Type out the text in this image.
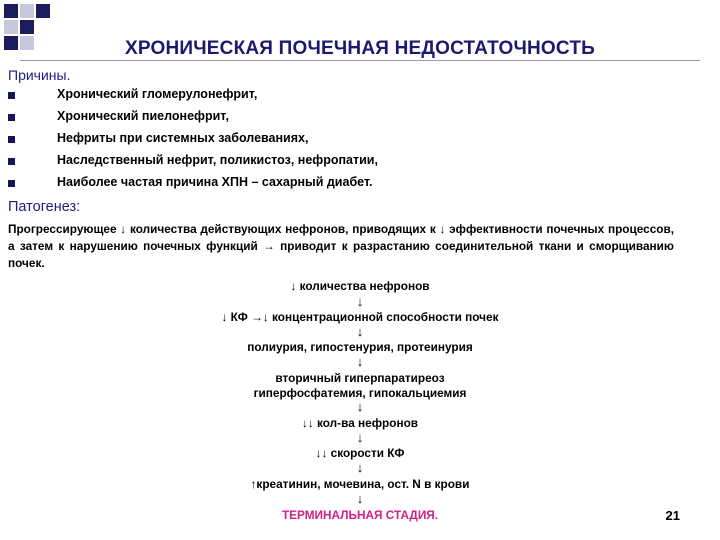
ХРОНИЧЕСКАЯ ПОЧЕЧНАЯ НЕДОСТАТОЧНОСТЬ
Причины.
Хронический гломерулонефрит,
Хронический пиелонефрит,
Нефриты при системных заболеваниях,
Наследственный нефрит, поликистоз, нефропатии,
Наиболее частая причина ХПН – сахарный диабет.
Патогенез:
Прогрессирующее ↓ количества действующих нефронов, приводящих к ↓ эффективности почечных процессов, а затем к нарушению почечных функций → приводит к разрастанию соединительной ткани и сморщиванию почек.
↓ количества нефронов
↓
↓ КФ →↓ концентрационной способности почек
↓
полиурия, гипостенурия, протеинурия
↓
вторичный гиперпаратиреоз
гиперфосфатемия, гипокальциемия
↓
↓↓ кол-ва нефронов
↓
↓↓ скорости КФ
↓
↑креатинин, мочевина, ост. N в крови
↓
ТЕРМИНАЛЬНАЯ СТАДИЯ.	21
